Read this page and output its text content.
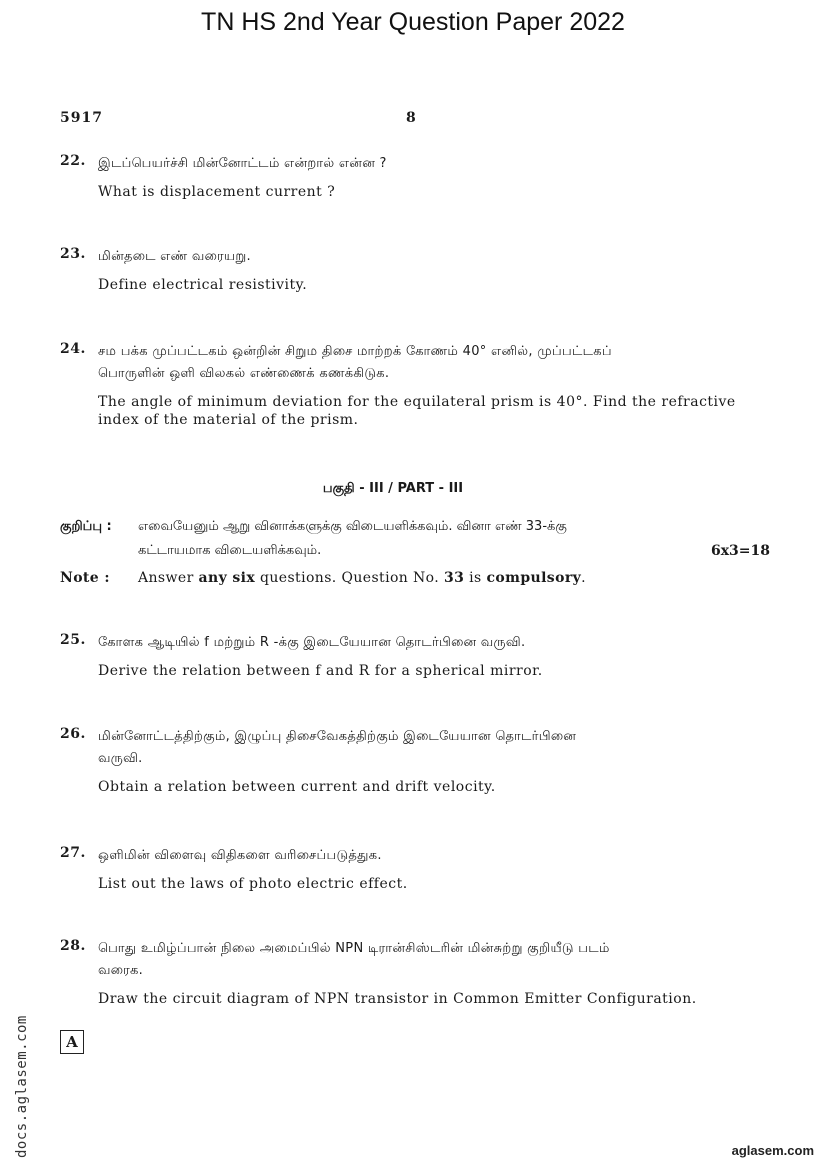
TN HS 2nd Year Question Paper 2022
5917	8
22. இடப்பெயர்ச்சி மின்னோட்டம் என்றால் என்ன ?
What is displacement current ?
23. மின்தடை எண் வரையறு.
Define electrical resistivity.
24. சம பக்க முப்பட்டகம் ஒன்றின் சிறும திசை மாற்றக் கோணம் 40° எனில், முப்பட்டகப்
பொருளின் ஒளி விலகல் எண்ணைக் கணக்கிடுக.
The angle of minimum deviation for the equilateral prism is 40°. Find the refractive
index of the material of the prism.
பகுதி - III / PART - III
குறிப்பு : எவையேனும் ஆறு வினாக்களுக்கு விடையளிக்கவும். வினா எண் 33-க்கு
கட்டாயமாக விடையளிக்கவும்.	6x3=18
Note : Answer any six questions. Question No. 33 is compulsory.
25. கோளக ஆடியில் f மற்றும் R -க்கு இடையேயான தொடர்பினை வருவி.
Derive the relation between f and R for a spherical mirror.
26. மின்னோட்டத்திற்கும், இழுப்பு திசைவேகத்திற்கும் இடையேயான தொடர்பினை
வருவி.
Obtain a relation between current and drift velocity.
27. ஒளிமின் விளைவு விதிகளை வரிசைப்படுத்துக.
List out the laws of photo electric effect.
28. பொது உமிழ்ப்பான் நிலை அமைப்பில் NPN டிரான்சிஸ்டரின் மின்சுற்று குறியீடு படம்
வரைக.
Draw the circuit diagram of NPN transistor in Common Emitter Configuration.
A
docs.aglasem.com	aglasem.com
